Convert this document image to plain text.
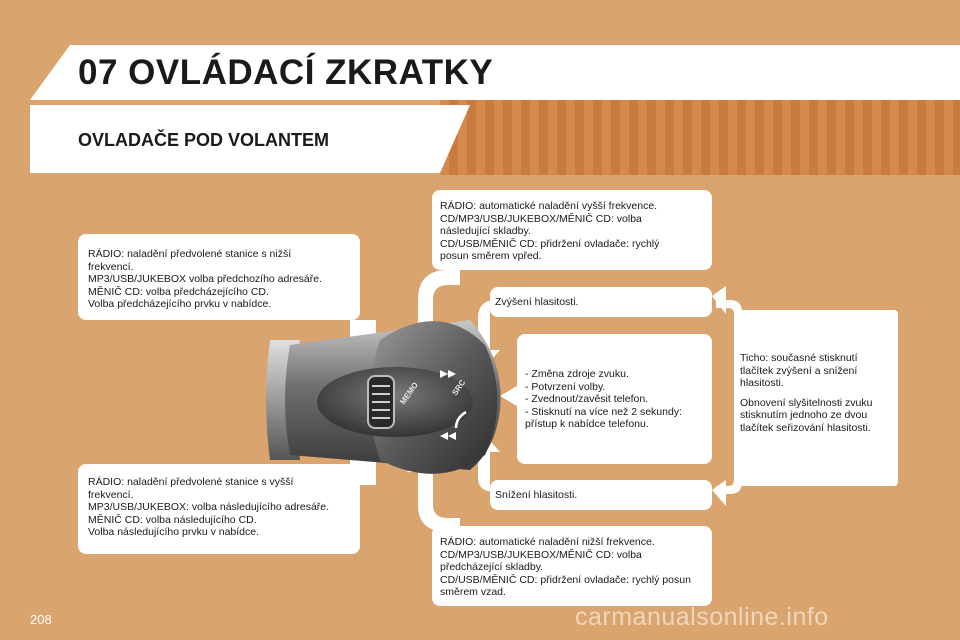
07 OVLÁDACÍ ZKRATKY
OVLADAČE POD VOLANTEM
MEMO	SRC
RÁDIO: naladění předvolené stanice s nižší
frekvencí.
MP3/USB/JUKEBOX volba předchozího adresáře.
MĚNIČ CD: volba předcházejícího CD.
Volba předcházejícího prvku v nabídce.
RÁDIO: naladění předvolené stanice s vyšší
frekvencí.
MP3/USB/JUKEBOX: volba následujícího adresáře.
MĚNIČ CD: volba následujícího CD.
Volba následujícího prvku v nabídce.
RÁDIO: automatické naladění vyšší frekvence.
CD/MP3/USB/JUKEBOX/MĚNIČ CD: volba
následující skladby.
CD/USB/MĚNIČ CD: přidržení ovladače: rychlý
posun směrem vpřed.
Zvýšení hlasitosti.
- Změna zdroje zvuku.
- Potvrzení volby.
- Zvednout/zavěsit telefon.
- Stisknutí na více než 2 sekundy:
přístup k nabídce telefonu.
Snížení hlasitosti.
RÁDIO: automatické naladění nižší frekvence.
CD/MP3/USB/JUKEBOX/MĚNIČ CD: volba
předcházející skladby.
CD/USB/MĚNIČ CD: přidržení ovladače: rychlý posun
směrem vzad.
Ticho: současné stisknutí
tlačítek zvýšení a snížení
hlasitosti.
Obnovení slyšitelnosti zvuku
stisknutím jednoho ze dvou
tlačítek seřizování hlasitosti.
208	carmanualsonline.info
